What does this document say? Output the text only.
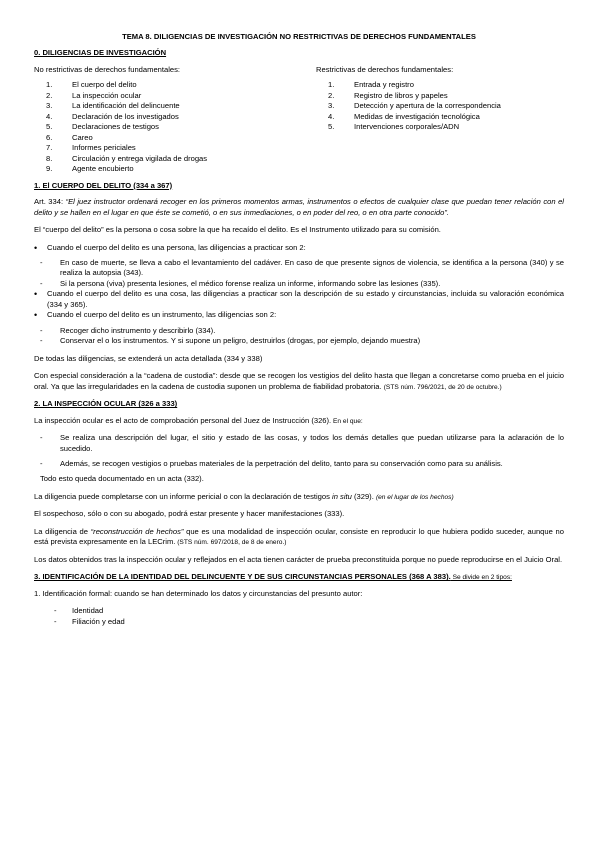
TEMA 8. DILIGENCIAS DE INVESTIGACIÓN NO RESTRICTIVAS DE DERECHOS FUNDAMENTALES
0. DILIGENCIAS DE INVESTIGACIÓN
No restrictivas de derechos fundamentales:
1.	El cuerpo del delito
2.	La inspección ocular
3.	La identificación del delincuente
4.	Declaración de los investigados
5.	Declaraciones de testigos
6.	Careo
7.	Informes periciales
8.	Circulación y entrega vigilada de drogas
9.	Agente encubierto
Restrictivas de derechos fundamentales:
1.	Entrada y registro
2.	Registro de libros y papeles
3.	Detección y apertura de la correspondencia
4.	Medidas de investigación tecnológica
5.	Intervenciones corporales/ADN
1. El CUERPO DEL DELITO (334 a 367)
Art. 334: “El juez instructor ordenará recoger en los primeros momentos armas, instrumentos o efectos de cualquier clase que puedan tener relación con el delito y se hallen en el lugar en que éste se cometió, o en sus inmediaciones, o en poder del reo, o en otra parte conocido”.
El “cuerpo del delito” es la persona o cosa sobre la que ha recaído el delito. Es el Instrumento utilizado para su comisión.
• Cuando el cuerpo del delito es una persona, las diligencias a practicar son 2:
- En caso de muerte, se lleva a cabo el levantamiento del cadáver. En caso de que presente signos de violencia, se identifica a la persona (340) y se realiza la autopsia (343).
- Si la persona (viva) presenta lesiones, el médico forense realiza un informe, informando sobre las lesiones (335).
• Cuando el cuerpo del delito es una cosa, las diligencias a practicar son la descripción de su estado y circunstancias, incluida su valoración económica (334 y 365).
• Cuando el cuerpo del delito es un instrumento, las diligencias son 2:
- Recoger dicho instrumento y describirlo (334).
- Conservar el o los instrumentos. Y si supone un peligro, destruirlos (drogas, por ejemplo, dejando muestra)
De todas las diligencias, se extenderá un acta detallada (334 y 338)
Con especial consideración a la “cadena de custodia”: desde que se recogen los vestigios del delito hasta que llegan a concretarse como prueba en el juicio oral. Ya que las irregularidades en la cadena de custodia suponen un problema de fiabilidad probatoria. (STS núm. 796/2021, de 20 de octubre.)
2. LA INSPECCIÓN OCULAR (326 a 333)
La inspección ocular es el acto de comprobación personal del Juez de Instrucción (326). En el que:
- Se realiza una descripción del lugar, el sitio y estado de las cosas, y todos los demás detalles que puedan utilizarse para la aclaración de lo sucedido.
- Además, se recogen vestigios o pruebas materiales de la perpetración del delito, tanto para su conservación como para su análisis.
Todo esto queda documentado en un acta (332).
La diligencia puede completarse con un informe pericial o con la declaración de testigos in situ (329). (en el lugar de los hechos)
El sospechoso, sólo o con su abogado, podrá estar presente y hacer manifestaciones (333).
La diligencia de “reconstrucción de hechos” que es una modalidad de inspección ocular, consiste en reproducir lo que hubiera podido suceder, aunque no está prevista expresamente en la LECrim. (STS núm. 697/2018, de 8 de enero.)
Los datos obtenidos tras la inspección ocular y reflejados en el acta tienen carácter de prueba preconstituida porque no puede reproducirse en el Juicio Oral.
3. IDENTIFICACIÓN DE LA IDENTIDAD DEL DELINCUENTE Y DE SUS CIRCUNSTANCIAS PERSONALES (368 A 383). Se divide en 2 tipos:
1. Identificación formal: cuando se han determinado los datos y circunstancias del presunto autor:
- Identidad
- Filiación y edad
